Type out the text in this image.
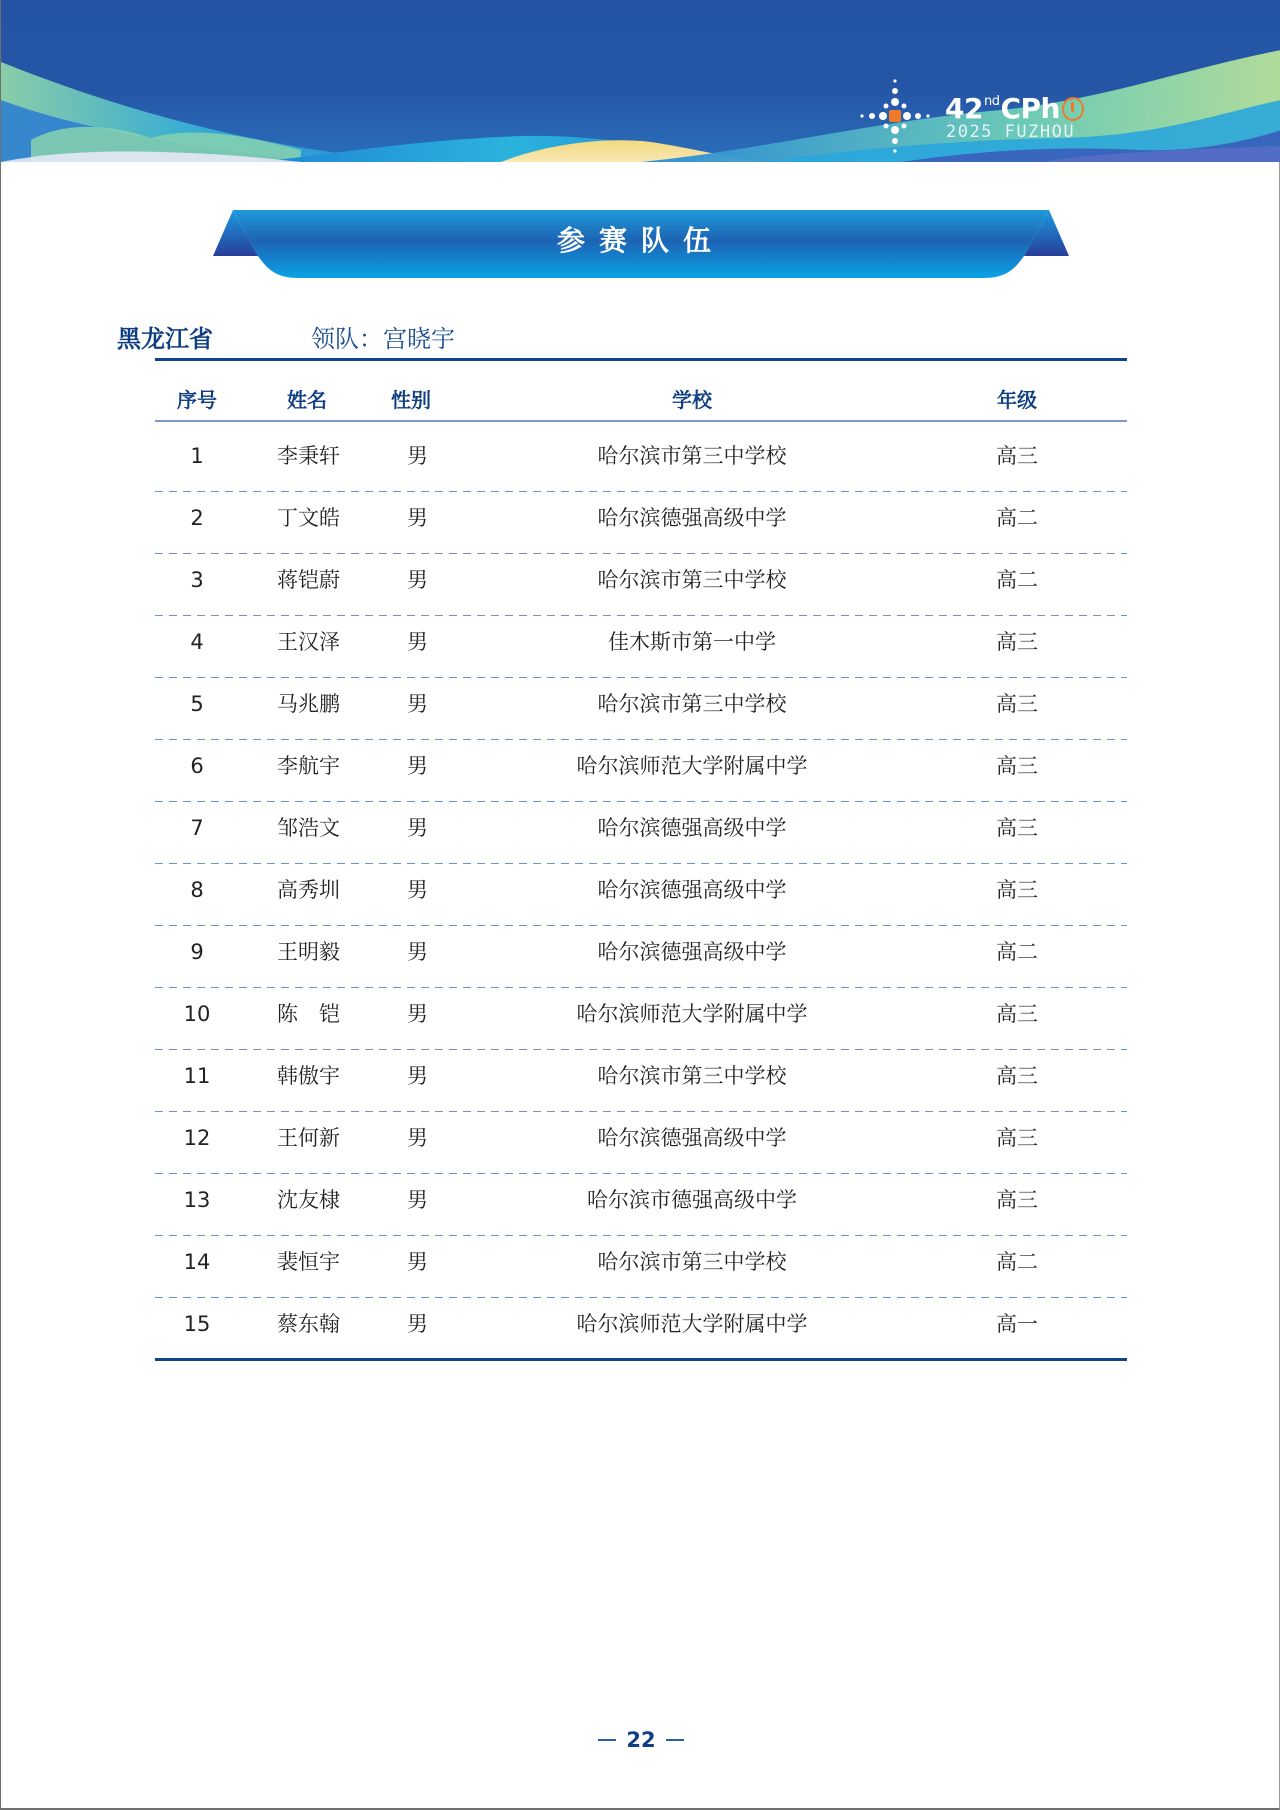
42ndCPh
2025 FUZHOU
参赛队伍
黑龙江省	领队：宫晓宇
序号	姓名	性别	学校	年级
1	李秉轩	男	哈尔滨市第三中学校	高三
2	丁文皓	男	哈尔滨德强高级中学	高二
3	蒋铠蔚	男	哈尔滨市第三中学校	高二
4	王汉泽	男	佳木斯市第一中学	高三
5	马兆鹏	男	哈尔滨市第三中学校	高三
6	李航宇	男	哈尔滨师范大学附属中学	高三
7	邹浩文	男	哈尔滨德强高级中学	高三
8	高秀圳	男	哈尔滨德强高级中学	高三
9	王明毅	男	哈尔滨德强高级中学	高二
10	陈　铠	男	哈尔滨师范大学附属中学	高三
11	韩傲宇	男	哈尔滨市第三中学校	高三
12	王何新	男	哈尔滨德强高级中学	高三
13	沈友棣	男	哈尔滨市德强高级中学	高三
14	裴恒宇	男	哈尔滨市第三中学校	高二
15	蔡东翰	男	哈尔滨师范大学附属中学	高一
22
